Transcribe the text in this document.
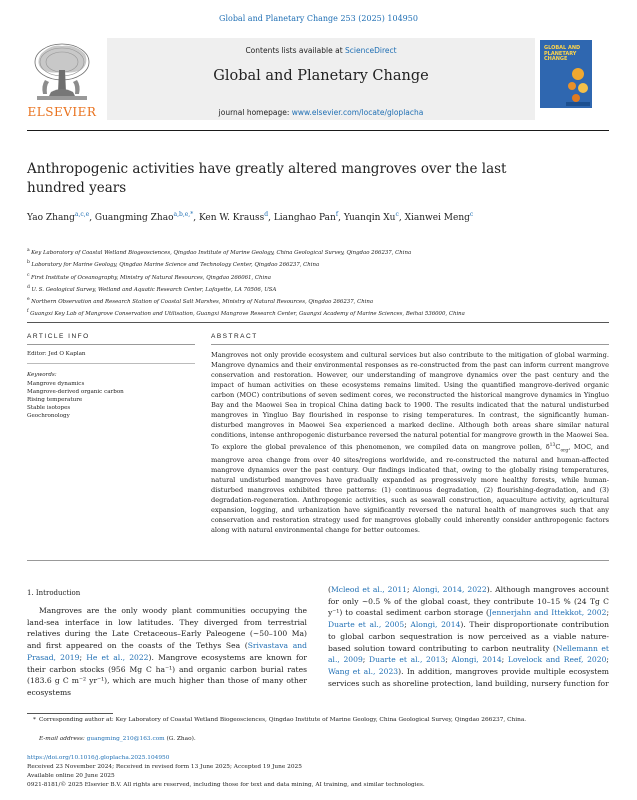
Global and Planetary Change 253 (2025) 104950
ELSEVIER
Contents lists available at ScienceDirect
Global and Planetary Change
journal homepage: www.elsevier.com/locate/gloplacha
GLOBAL AND PLANETARY CHANGE
Anthropogenic activities have greatly altered mangroves over the last hundred years
Yao Zhang$^{a,c,e}$, Guangming Zhao$^{a,b,e,*}$, Ken W. Krauss$^d$, Lianghao Pan$^f$, Yuanqin Xu$^c$, Xianwei Meng$^c$
$^a$ Key Laboratory of Coastal Wetland Biogeosciences, Qingdao Institute of Marine Geology, China Geological Survey, Qingdao 266237, China
$^b$ Laboratory for Marine Geology, Qingdao Marine Science and Technology Center, Qingdao 266237, China
$^c$ First Institute of Oceanography, Ministry of Natural Resources, Qingdao 266061, China
$^d$ U. S. Geological Survey, Wetland and Aquatic Research Center, Lafayette, LA 70506, USA
$^e$ Northern Observation and Research Station of Coastal Salt Marshes, Ministry of Natural Resources, Qingdao 266237, China
$^f$ Guangxi Key Lab of Mangrove Conservation and Utilisation, Guangxi Mangrove Research Center, Guangxi Academy of Marine Sciences, Beihai 536000, China
ARTICLE INFO	ABSTRACT
Editor: Jed O Kaplan
Keywords:
Mangrove dynamics
Mangrove-derived organic carbon
Rising temperature
Stable isotopes
Geochronology
Mangroves not only provide ecosystem and cultural services but also contribute to the mitigation of global warming. Mangrove dynamics and their environmental responses as re-constructed from the past can inform current mangrove conservation and restoration. However, our understanding of mangrove dynamics over the past century and the impact of human activities on these ecosystems remains limited. Using the quantified mangrove-derived organic carbon (MOC) contributions of seven sediment cores, we reconstructed the historical mangrove dynamics in Yingluo Bay and the Maowei Sea in tropical China dating back to 1900. The results indicated that the natural undisturbed mangroves in Yingluo Bay flourished in response to rising temperatures. In contrast, the significantly human-disturbed mangroves in Maowei Sea experienced a marked decline. Although both areas share similar natural conditions, intense anthropogenic disturbance reversed the natural potential for mangrove growth in the Maowei Sea. To explore the global prevalence of this phenomenon, we compiled data on mangrove pollen, $\delta^{13}C_{org}$, MOC, and mangrove area change from over 40 sites/regions worldwide, and re-constructed the natural and human-affected mangrove dynamics over the past century. Our findings indicated that, owing to the globally rising temperatures, natural undisturbed mangroves have gradually expanded as progressively more healthy forests, while human-disturbed mangroves exhibited three patterns: (1) continuous degradation, (2) flourishing-degradation, and (3) degradation-regeneration. Anthropogenic activities, such as seawall construction, aquaculture activity, agricultural expansion, logging, and urbanization have significantly reversed the natural health of mangroves such that any conservation and restoration strategy used for mangroves globally could inherently consider anthropogenic factors along with natural environmental change for better outcomes.
1. Introduction
Mangroves are the only woody plant communities occupying the land-sea interface in low latitudes. They diverged from terrestrial relatives during the Late Cretaceous–Early Paleogene (~50–100 Ma) and first appeared on the coasts of the Tethys Sea (Srivastava and Prasad, 2019; He et al., 2022). Mangrove ecosystems are known for their carbon stocks (956 Mg C ha⁻¹) and organic carbon burial rates (183.6 g C m⁻² yr⁻¹), which are much higher than those of many other ecosystems
(Mcleod et al., 2011; Alongi, 2014, 2022). Although mangroves account for only ~0.5 % of the global coast, they contribute 10–15 % (24 Tg C y⁻¹) to coastal sediment carbon storage (Jennerjahn and Ittekkot, 2002; Duarte et al., 2005; Alongi, 2014). Their disproportionate contribution to global carbon sequestration is now perceived as a viable nature-based solution toward contributing to carbon neutrality (Nellemann et al., 2009; Duarte et al., 2013; Alongi, 2014; Lovelock and Reef, 2020; Wang et al., 2023). In addition, mangroves provide multiple ecosystem services such as shoreline protection, land building, nursery function for
* Corresponding author at: Key Laboratory of Coastal Wetland Biogeosciences, Qingdao Institute of Marine Geology, China Geological Survey, Qingdao 266237, China.
E-mail address: guangming_210@163.com (G. Zhao).
https://doi.org/10.1016/j.gloplacha.2025.104950
Received 23 November 2024; Received in revised form 13 June 2025; Accepted 19 June 2025
Available online 20 June 2025
0921-8181/© 2025 Elsevier B.V. All rights are reserved, including those for text and data mining, AI training, and similar technologies.
